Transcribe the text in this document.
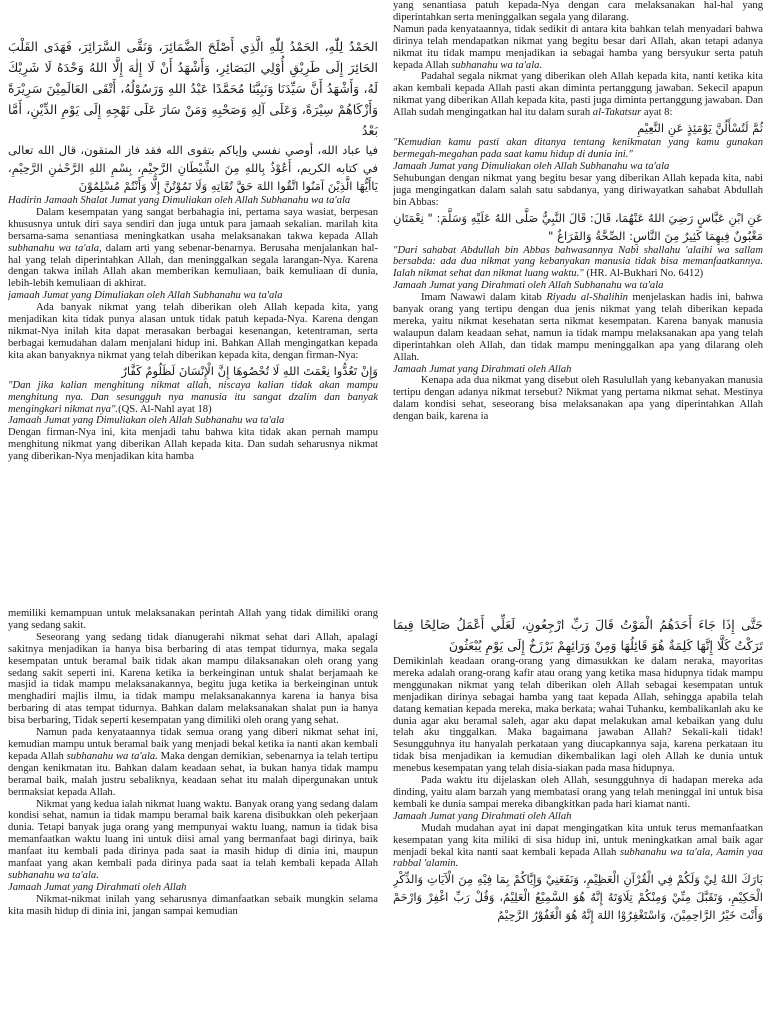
الحَمْدُ لِلّٰهِ، الحَمْدُ لِلّٰهِ الَّذِي أَصْلَحَ الضَّمَائِرَ، وَنَقَّى السَّرَائِرَ، فَهَدَى القَلْبَ الحَائِرَ إِلَى طَرِيْقِ أُوْلِي البَصَائِرِ، وَأَشْهَدُ أَنْ لَا إِلٰهَ إِلَّا اللهُ وَحْدَهُ لَا شَرِيْكَ لَهُ، وَأَشْهَدُ أَنَّ سَيِّدَنَا وَنَبِيَّنَا مُحَمَّدًا عَبْدُ اللهِ وَرَسُوْلُهُ، أَتْقَى العَالَمِيْنَ سَرِيْرَةً وَأَزْكَاهُمْ سِيْرَةً، وَعَلَى آلِهِ وَصَحْبِهِ وَمَنْ سَارَ عَلَى نَهْجِهِ إِلَى يَوْمِ الدِّيْنِ، أَمَّا بَعْدُ

فيا عباد الله، أوصي نفسي وإياكم بتقوى الله فقد فاز المتقون، قال الله تعالى في كتابه الكريم، أَعُوْذُ بِاللهِ مِنَ الشَّيْطَانِ الرَّجِيْمِ، بِسْمِ اللهِ الرَّحْمٰنِ الرَّحِيْمِ، يَاأَيُّهَا الَّذِيْنَ آمَنُوا اتَّقُوا اللهَ حَقَّ تُقَاتِهِ وَلَا تَمُوْتُنَّ إِلَّا وَأَنْتُمْ مُسْلِمُوْنَ

Hadirin Jamaah Shalat Jumat yang Dimuliakan oleh Allah Subhanahu wa ta'ala

Dalam kesempatan yang sangat berbahagia ini, pertama saya wasiat, berpesan khususnya untuk diri saya sendiri dan juga untuk para jamaah sekalian. marilah kita bersama-sama senantiasa meningkatkan usaha melaksanakan takwa kepada Allah subhanahu wa ta'ala, dalam arti yang sebenar-benarnya. Berusaha menjalankan hal-hal yang telah diperintahkan Allah, dan meninggalkan segala larangan-Nya. Karena dengan takwa inilah Allah akan memberikan kemuliaan, baik kemuliaan di dunia, lebih-lebih kemuliaan di akhirat.

jamaah Jumat yang Dimuliakan oleh Allah Subhanahu wa ta'ala

Ada banyak nikmat yang telah diberikan oleh Allah kepada kita, yang menjadikan kita tidak punya alasan untuk tidak patuh kepada-Nya. Karena dengan nikmat-Nya inilah kita dapat merasakan berbagai kesenangan, ketentraman, serta berbagai kemudahan dalam menjalani hidup ini. Bahkan Allah mengingatkan kepada kita akan banyaknya nikmat yang telah diberikan kepada kita, dengan firman-Nya:

وَإِنْ تَعُدُّوا نِعْمَتَ اللهِ لَا تُحْصُوهَا إِنَّ الْإِنْسَانَ لَظَلُومٌ كَفَّارٌ

"Dan jika kalian menghitung nikmat allah, niscaya kalian tidak akan mampu menghitung nya. Dan sesungguh nya manusia itu sangat dzalim dan banyak mengingkari nikmat nya".(QS. Al-Nahl ayat 18)

Jamaah Jumat yang Dimuliakan oleh Allah Subhanahu wa ta'ala

Dengan firman-Nya ini, kita menjadi tahu bahwa kita tidak akan pernah mampu menghitung nikmat yang diberikan Allah kepada kita. Dan sudah seharusnya nikmat yang diberikan-Nya menjadikan kita hamba

yang senantiasa patuh kepada-Nya dengan cara melaksanakan hal-hal yang diperintahkan serta meninggalkan segala yang dilarang.

Namun pada kenyataannya, tidak sedikit di antara kita bahkan telah menyadari bahwa dirinya telah mendapatkan nikmat yang begitu besar dari Allah, akan tetapi adanya nikmat itu tidak mampu menjadikan ia sebagai hamba yang bersyukur serta patuh kepada Allah subhanahu wa ta'ala.

Padahal segala nikmat yang diberikan oleh Allah kepada kita, nanti ketika kita akan kembali kepada Allah pasti akan diminta pertanggung jawaban. Sekecil apapun nikmat yang diberikan Allah kepada kita, pasti juga diminta pertanggung jawaban. Dan Allah sudah mengingatkan hal itu dalam surah al-Takatsur ayat 8:

ثُمَّ لَتُسْأَلُنَّ يَوْمَئِذٍ عَنِ النَّعِيْمِ

"Kemudian kamu pasti akan ditanya tentang kenikmatan yang kamu gunakan bermegah-megahan pada saat kamu hidup di dunia ini."

Jamaah Jumat yang Dimuliakan oleh Allah Subhanahu wa ta'ala

Sehubungan dengan nikmat yang begitu besar yang diberikan Allah kepada kita, nabi juga mengingatkan dalam salah satu sabdanya, yang diriwayatkan sahabat Abdullah bin Abbas:

عَنِ ابْنِ عَبَّاسٍ رَضِيَ اللهُ عَنْهُمَا، قَالَ: قَالَ النَّبِيُّ صَلَّى اللهُ عَلَيْهِ وَسَلَّمَ: " نِعْمَتَانِ مَغْبُونٌ فِيهِمَا كَثِيرٌ مِنَ النَّاسِ: الصِّحَّةُ وَالفَرَاغُ "

"Dari sahabat Abdullah bin Abbas bahwasannya Nabi shallahu 'alaihi wa sallam bersabda: ada dua nikmat yang kebanyakan manusia tidak bisa memanfaatkannya. Ialah nikmat sehat dan nikmat luang waktu." (HR. Al-Bukhari No. 6412)

Jamaah Jumat yang Dirahmati oleh Allah Subhanahu wa ta'ala

Imam Nawawi dalam kitab Riyadu al-Shalihin menjelaskan hadis ini, bahwa banyak orang yang tertipu dengan dua jenis nikmat yang telah diberikan kepada mereka, yaitu nikmat kesehatan serta nikmat kesempatan. Karena banyak manusia walaupun dalam keadaan sehat, namun ia tidak mampu melaksanakan apa yang telah diperintahkan oleh Allah, dan tidak mampu meninggalkan apa yang dilarang oleh Allah.

Jamaah Jumat yang Dirahmati oleh Allah

Kenapa ada dua nikmat yang disebut oleh Rasulullah yang kebanyakan manusia tertipu dengan adanya nikmat tersebut? Nikmat yang pertama nikmat sehat. Mestinya dalam kondisi sehat, seseorang bisa melaksanakan apa yang diperintahkan Allah dengan baik, karena ia

memiliki kemampuan untuk melaksanakan perintah Allah yang tidak dimiliki orang yang sedang sakit.

Seseorang yang sedang tidak dianugerahi nikmat sehat dari Allah, apalagi sakitnya menjadikan ia hanya bisa berbaring di atas tempat tidurnya, maka segala kesempatan untuk beramal baik tidak akan mampu dilaksanakan oleh orang yang sedang sakit seperti ini. Karena ketika ia berkeinginan untuk shalat berjamaah ke masjid ia tidak mampu melaksanakannya, begitu juga ketika ia berkeinginan untuk menghadiri majlis ilmu, ia tidak mampu melaksanakannya karena ia hanya bisa berbaring di atas tempat tidurnya. Bahkan dalam melaksanakan shalat pun ia hanya bisa berbaring, Tidak seperti kesempatan yang dimiliki oleh orang yang sehat.

Namun pada kenyataannya tidak semua orang yang diberi nikmat sehat ini, kemudian mampu untuk beramal baik yang menjadi bekal ketika ia nanti akan kembali kepada Allah subhanahu wa ta'ala. Maka dengan demikian, sebenarnya ia telah tertipu dengan kenikmatan itu. Bahkan dalam keadaan sehat, ia bukan hanya tidak mampu beramal baik, malah justru sebaliknya, keadaan sehat itu malah dipergunakan untuk bermaksiat kepada Allah.

Nikmat yang kedua ialah nikmat luang waktu. Banyak orang yang sedang dalam kondisi sehat, namun ia tidak mampu beramal baik karena disibukkan oleh pekerjaan dunia. Tetapi banyak juga orang yang mempunyai waktu luang, namun ia tidak bisa memanfaatkan waktu luang ini untuk diisi amal yang bermanfaat bagi dirinya, baik manfaat itu kembali pada dirinya pada saat ia masih hidup di dinia ini, maupun manfaat yang akan kembali pada dirinya pada saat ia telah kembali kepada Allah subhanahu wa ta'ala.

Jamaah Jumat yang Dirahmati oleh Allah

Nikmat-nikmat inilah yang seharusnya dimanfaatkan sebaik mungkin selama kita masih hidup di dinia ini, jangan sampai kemudian

حَتَّى إِذَا جَاءَ أَحَدَهُمُ الْمَوْتُ قَالَ رَبِّ ارْجِعُونِ، لَعَلِّي أَعْمَلُ صَالِحًا فِيمَا تَرَكْتُ كَلَّا إِنَّهَا كَلِمَةٌ هُوَ قَائِلُهَا وَمِنْ وَرَائِهِمْ بَرْزَخٌ إِلَى يَوْمِ يُبْعَثُونَ

Demikinlah keadaan orang-orang yang dimasukkan ke dalam neraka, mayoritas mereka adalah orang-orang kafir atau orang yang ketika masa hidupnya tidak mampu menggunakan nikmat yang telah diberikan oleh Allah sebagai kesempatan untuk menjadikan dirinya sebagai hamba yang taat kepada Allah, sehingga apabila telah datang kematian kepada mereka, maka berkata; wahai Tuhanku, kembalikanlah aku ke dunia agar aku beramal saleh, agar aku dapat melakukan amal kebaikan yang dulu telah aku tinggalkan. Maka bagaimana jawaban Allah? Sekali-kali tidak! Sesungguhnya itu hanyalah perkataan yang diucapkannya saja, karena perkataan itu tidak bisa menjadikan ia kemudian dikembalikan lagi oleh Allah ke dunia untuk menebus kesempatan yang telah disia-siakan pada masa hidupnya.

Pada waktu itu dijelaskan oleh Allah, sesungguhnya di hadapan mereka ada dinding, yaitu alam barzah yang membatasi orang yang telah meninggal ini untuk bisa kembali ke dunia sampai mereka dibangkitkan pada hari kiamat nanti.

Jamaah Jumat yang Dirahmati oleh Allah

Mudah mudahan ayat ini dapat mengingatkan kita untuk terus memanfaatkan kesempatan yang kita miliki di sisa hidup ini, untuk meningkatkan amal baik agar menjadi bekal kita nanti saat kembali kepada Allah subhanahu wa ta'ala, Aamin yaa rabbal 'alamin.

بَارَكَ اللهُ لِيْ وَلَكُمْ فِي الْقُرْآنِ الْعَظِيْمِ، وَنَفَعَنِيْ وَإِيَّاكُمْ بِمَا فِيْهِ مِنَ الْآيَاتِ وَالذِّكْرِ الْحَكِيْمِ، وَتَقَبَّلَ مِنِّيْ وَمِنْكُمْ تِلَاوَتَهُ إِنَّهُ هُوَ السَّمِيْعُ الْعَلِيْمُ، وَقُلْ رَبِّ اغْفِرْ وَارْحَمْ وَأَنْتَ خَيْرُ الرَّاحِمِيْنَ، وَاسْتَغْفِرُوْا اللهَ إِنَّهُ هُوَ الْغَفُوْرُ الرَّحِيْمُ
